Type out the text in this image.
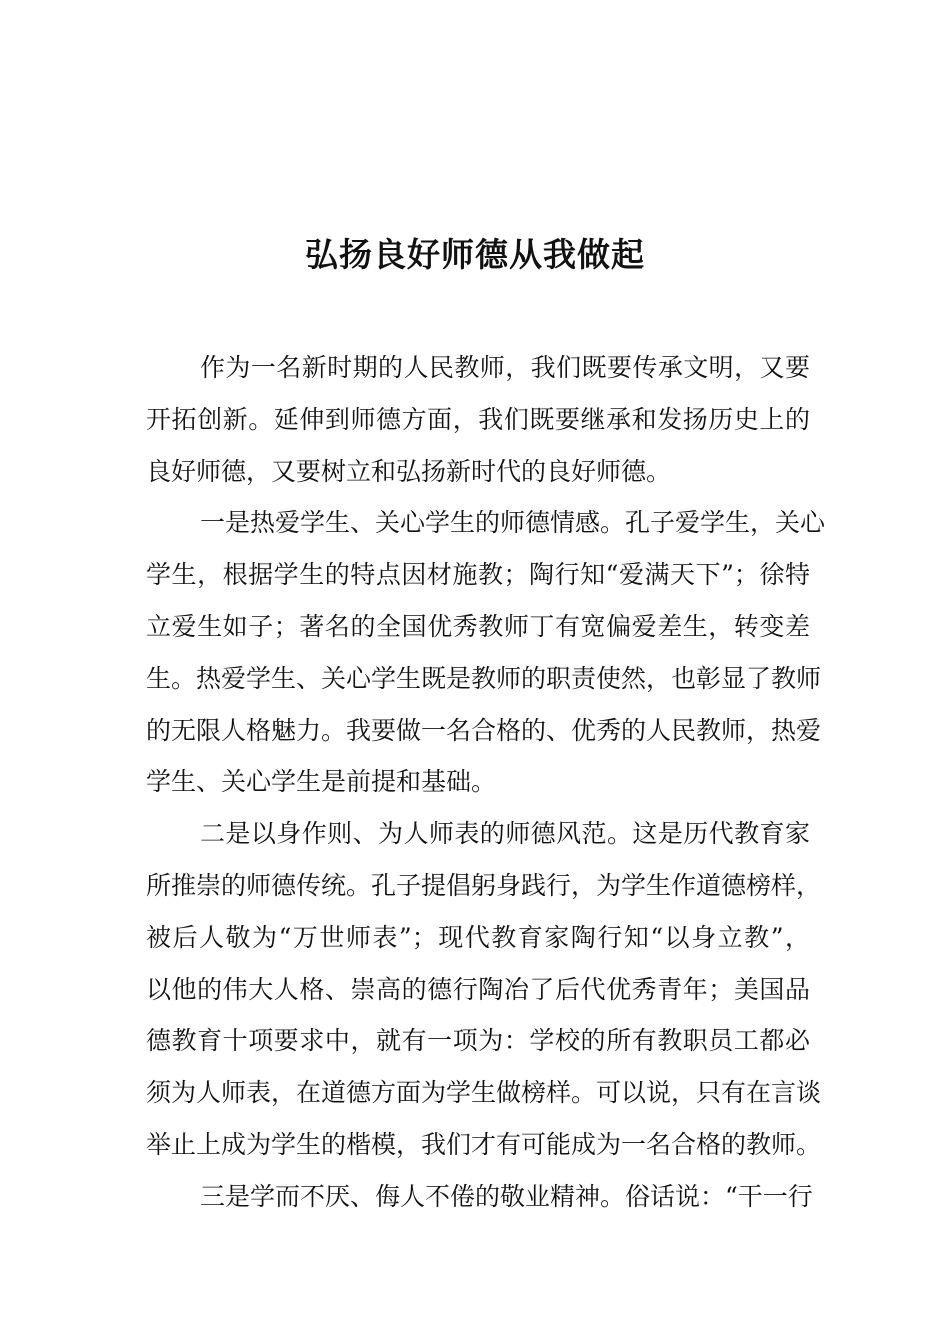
弘扬良好师德从我做起
作为一名新时期的人民教师，我们既要传承文明，又要
开拓创新。延伸到师德方面，我们既要继承和发扬历史上的
良好师德，又要树立和弘扬新时代的良好师德。
一是热爱学生、关心学生的师德情感。孔子爱学生，关心
学生，根据学生的特点因材施教；陶行知“爱满天下”；徐特
立爱生如子；著名的全国优秀教师丁有宽偏爱差生，转变差
生。热爱学生、关心学生既是教师的职责使然，也彰显了教师
的无限人格魅力。我要做一名合格的、优秀的人民教师，热爱
学生、关心学生是前提和基础。
二是以身作则、为人师表的师德风范。这是历代教育家
所推崇的师德传统。孔子提倡躬身践行，为学生作道德榜样，
被后人敬为“万世师表”；现代教育家陶行知“以身立教”，
以他的伟大人格、崇高的德行陶冶了后代优秀青年；美国品
德教育十项要求中，就有一项为：学校的所有教职员工都必
须为人师表，在道德方面为学生做榜样。可以说，只有在言谈
举止上成为学生的楷模，我们才有可能成为一名合格的教师。
三是学而不厌、侮人不倦的敬业精神。俗话说：“干一行
